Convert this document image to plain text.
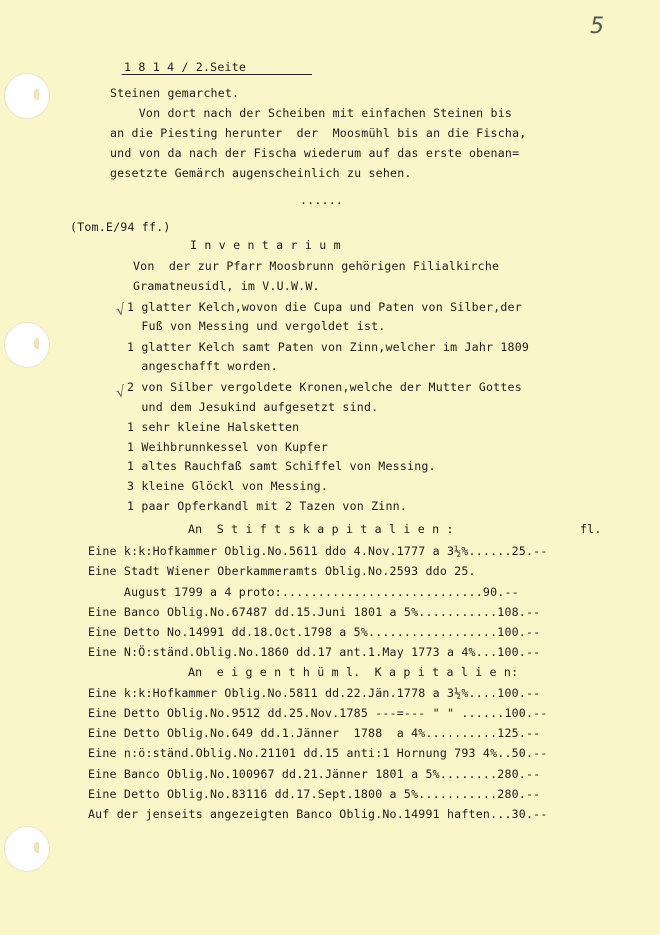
5
1 8 1 4 / 2.Seite
Steinen gemarchet.
Von dort nach der Scheiben mit einfachen Steinen bis
an die Piesting herunter  der  Moosmühl bis an die Fischa,
und von da nach der Fischa wiederum auf das erste obenan=
gesetzte Gemärch augenscheinlich zu sehen.
......
(Tom.E/94 ff.)
I n v e n t a r i u m
Von  der zur Pfarr Moosbrunn gehörigen Filialkirche
Gramatneusidl, im V.U.W.W.
√
√
1 glatter Kelch,wovon die Cupa und Paten von Silber,der
Fuß von Messing und vergoldet ist.
1 glatter Kelch samt Paten von Zinn,welcher im Jahr 1809
angeschafft worden.
2 von Silber vergoldete Kronen,welche der Mutter Gottes
und dem Jesukind aufgesetzt sind.
1 sehr kleine Halsketten
1 Weihbrunnkessel von Kupfer
1 altes Rauchfaß samt Schiffel von Messing.
3 kleine Glöckl von Messing.
1 paar Opferkandl mit 2 Tazen von Zinn.
An  S t i f t s k a p i t a l i e n :	fl.
Eine k:k:Hofkammer Oblig.No.5611 ddo 4.Nov.1777 a 3½%......25.--
Eine Stadt Wiener Oberkammeramts Oblig.No.2593 ddo 25.
August 1799 a 4 proto:............................90.--
Eine Banco Oblig.No.67487 dd.15.Juni 1801 a 5%...........108.--
Eine Detto No.14991 dd.18.Oct.1798 a 5%..................100.--
Eine N:Ö:ständ.Oblig.No.1860 dd.17 ant.1.May 1773 a 4%...100.--
An  e i g e n t h ü m l.  K a p i t a l i e n:
Eine k:k:Hofkammer Oblig.No.5811 dd.22.Jän.1778 a 3½%....100.--
Eine Detto Oblig.No.9512 dd.25.Nov.1785 ---=--- " " ......100.--
Eine Detto Oblig.No.649 dd.1.Jänner  1788  a 4%..........125.--
Eine n:ö:ständ.Oblig.No.21101 dd.15 anti:1 Hornung 793 4%..50.--
Eine Banco Oblig.No.100967 dd.21.Jänner 1801 a 5%........280.--
Eine Detto Oblig.No.83116 dd.17.Sept.1800 a 5%...........280.--
Auf der jenseits angezeigten Banco Oblig.No.14991 haften...30.--
